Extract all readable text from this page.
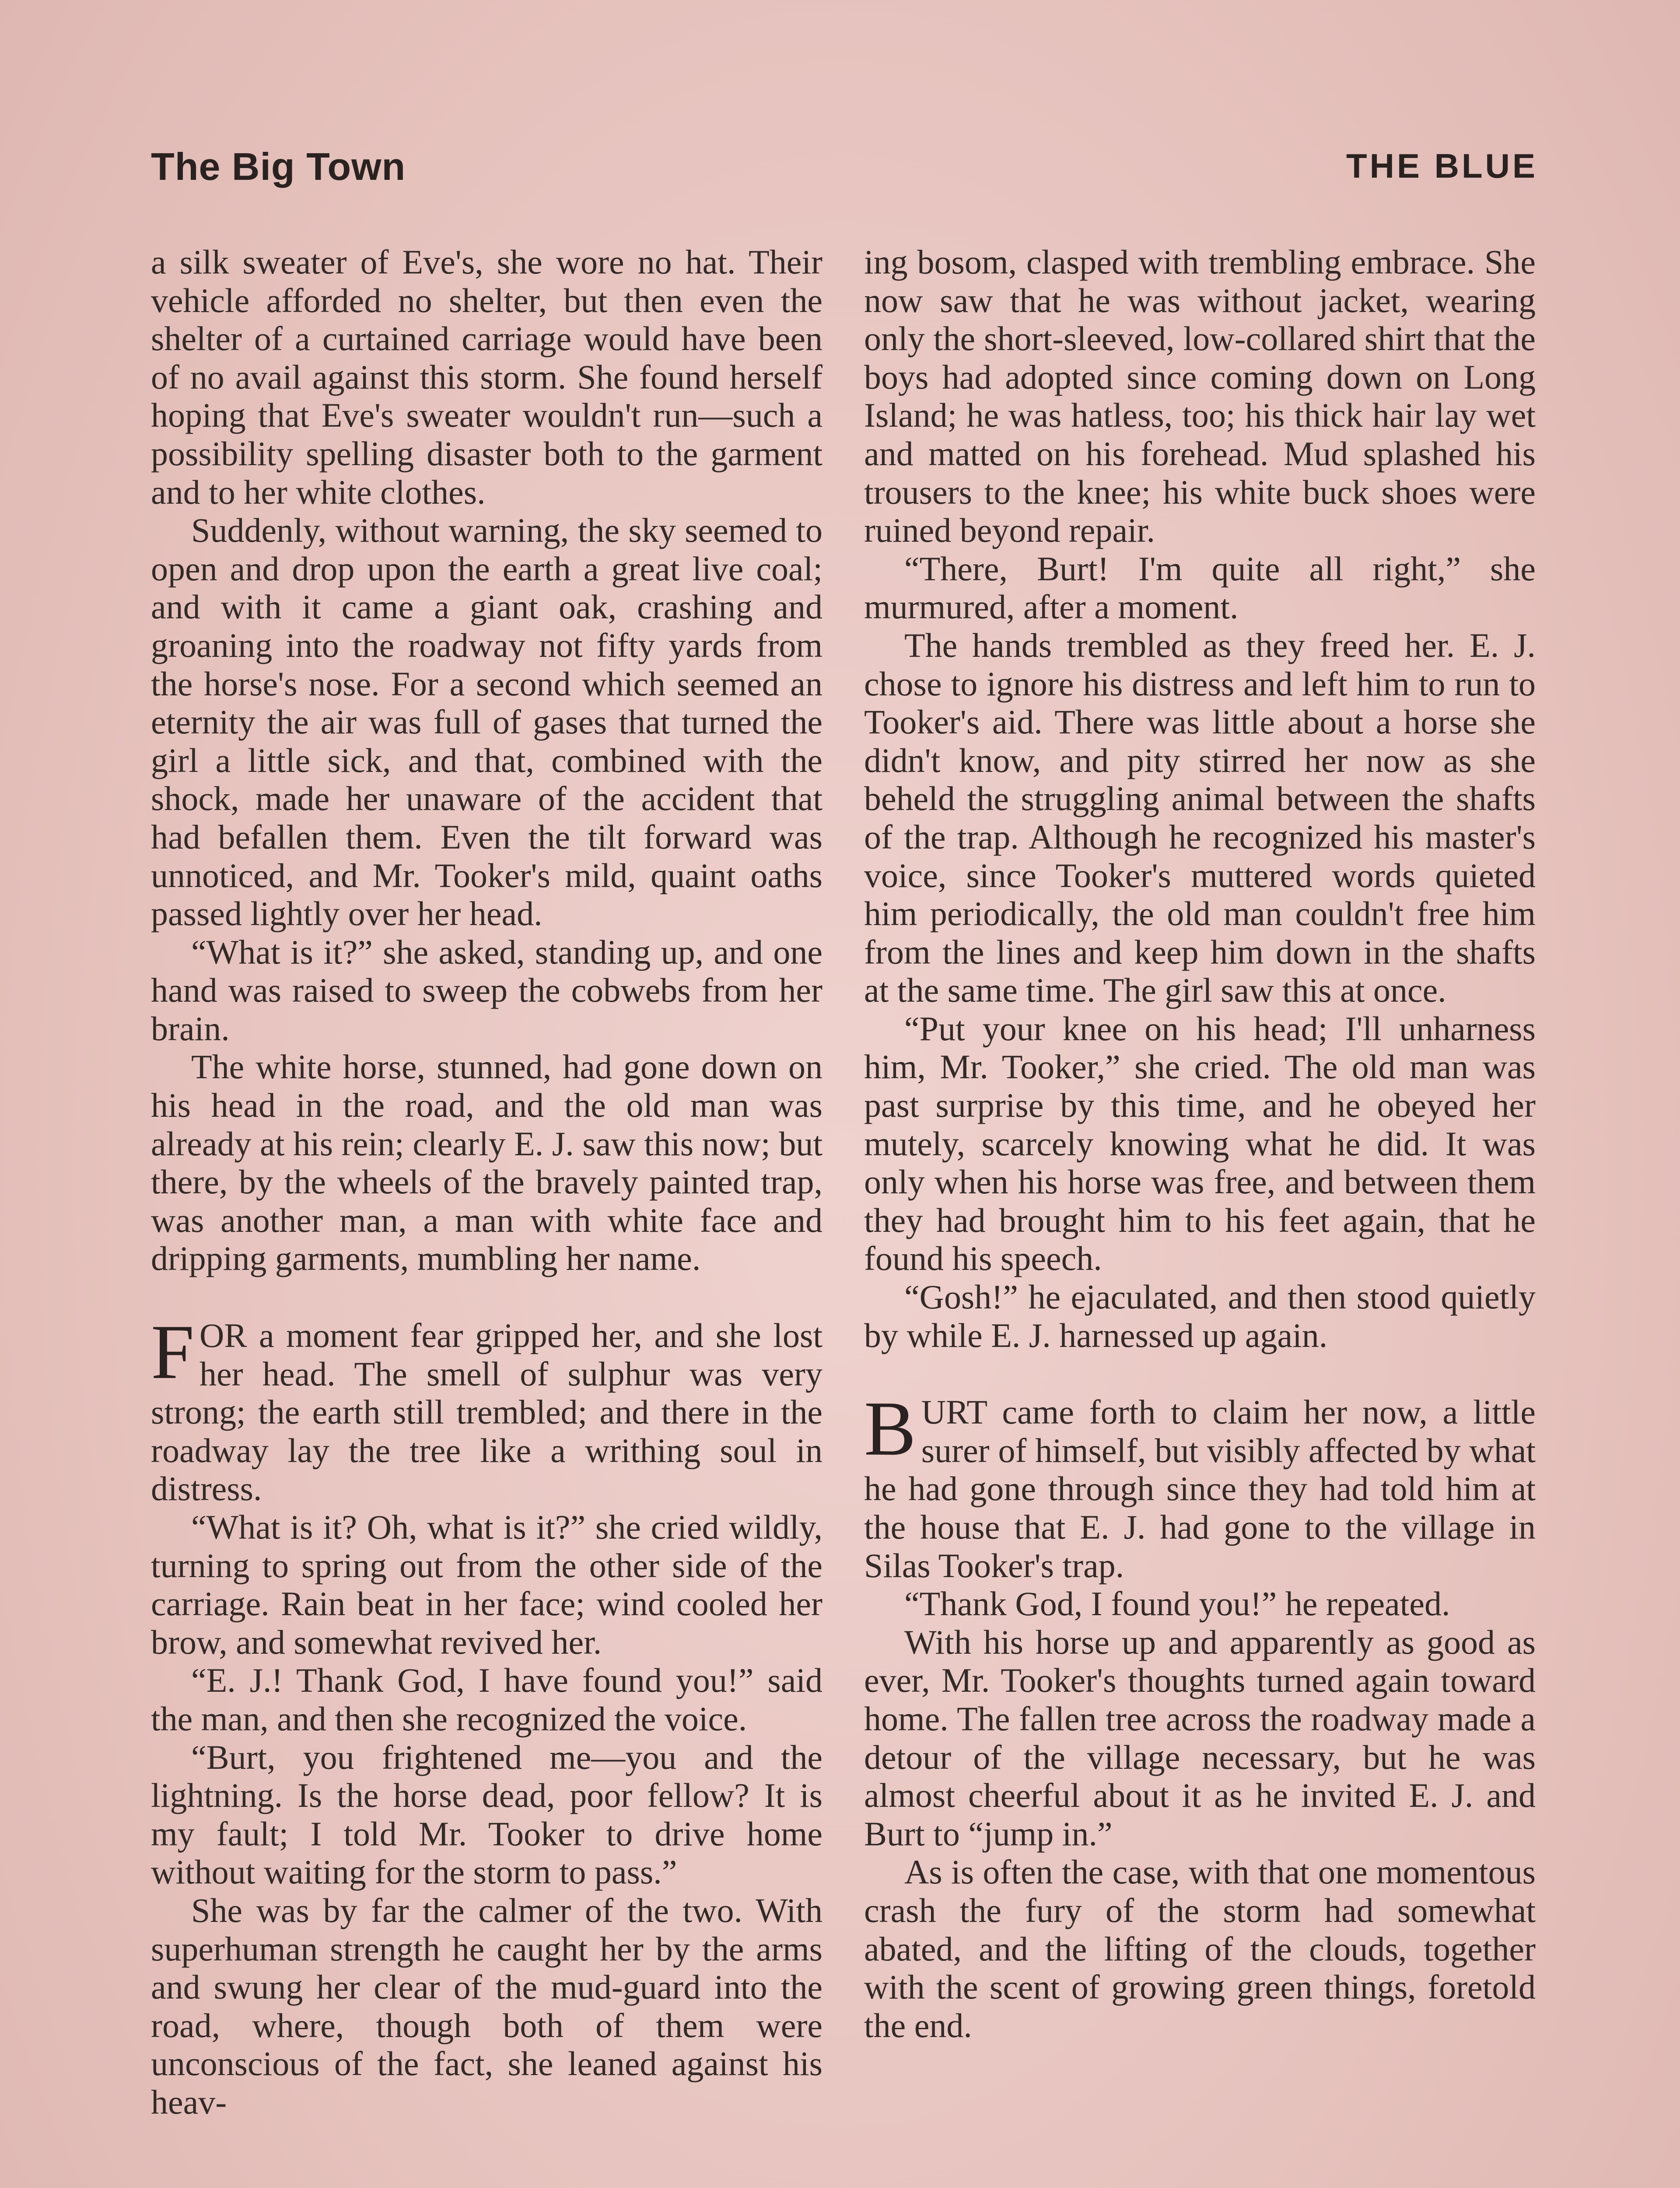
The Big Town	THE BLUE

a silk sweater of Eve's, she wore no hat. Their vehicle afforded no shelter, but then even the shelter of a curtained carriage would have been of no avail against this storm. She found herself hoping that Eve's sweater wouldn't run—such a possibility spelling disaster both to the garment and to her white clothes.

Suddenly, without warning, the sky seemed to open and drop upon the earth a great live coal; and with it came a giant oak, crashing and groaning into the roadway not fifty yards from the horse's nose. For a second which seemed an eternity the air was full of gases that turned the girl a little sick, and that, combined with the shock, made her unaware of the accident that had befallen them. Even the tilt forward was unnoticed, and Mr. Tooker's mild, quaint oaths passed lightly over her head.

“What is it?” she asked, standing up, and one hand was raised to sweep the cobwebs from her brain.

The white horse, stunned, had gone down on his head in the road, and the old man was already at his rein; clearly E. J. saw this now; but there, by the wheels of the bravely painted trap, was another man, a man with white face and dripping garments, mumbling her name.

FOR a moment fear gripped her, and she lost her head. The smell of sulphur was very strong; the earth still trembled; and there in the roadway lay the tree like a writhing soul in distress.

“What is it? Oh, what is it?” she cried wildly, turning to spring out from the other side of the carriage. Rain beat in her face; wind cooled her brow, and somewhat revived her.

“E. J.! Thank God, I have found you!” said the man, and then she recognized the voice.

“Burt, you frightened me—you and the lightning. Is the horse dead, poor fellow? It is my fault; I told Mr. Tooker to drive home without waiting for the storm to pass.”

She was by far the calmer of the two. With superhuman strength he caught her by the arms and swung her clear of the mud-guard into the road, where, though both of them were unconscious of the fact, she leaned against his heav-

ing bosom, clasped with trembling embrace. She now saw that he was without jacket, wearing only the short-sleeved, low-collared shirt that the boys had adopted since coming down on Long Island; he was hatless, too; his thick hair lay wet and matted on his forehead. Mud splashed his trousers to the knee; his white buck shoes were ruined beyond repair.

“There, Burt! I'm quite all right,” she murmured, after a moment.

The hands trembled as they freed her. E. J. chose to ignore his distress and left him to run to Tooker's aid. There was little about a horse she didn't know, and pity stirred her now as she beheld the struggling animal between the shafts of the trap. Although he recognized his master's voice, since Tooker's muttered words quieted him periodically, the old man couldn't free him from the lines and keep him down in the shafts at the same time. The girl saw this at once.

“Put your knee on his head; I'll unharness him, Mr. Tooker,” she cried. The old man was past surprise by this time, and he obeyed her mutely, scarcely knowing what he did. It was only when his horse was free, and between them they had brought him to his feet again, that he found his speech.

“Gosh!” he ejaculated, and then stood quietly by while E. J. harnessed up again.

BURT came forth to claim her now, a little surer of himself, but visibly affected by what he had gone through since they had told him at the house that E. J. had gone to the village in Silas Tooker's trap.

“Thank God, I found you!” he repeated.

With his horse up and apparently as good as ever, Mr. Tooker's thoughts turned again toward home. The fallen tree across the roadway made a detour of the village necessary, but he was almost cheerful about it as he invited E. J. and Burt to “jump in.”

As is often the case, with that one momentous crash the fury of the storm had somewhat abated, and the lifting of the clouds, together with the scent of growing green things, foretold the end.
